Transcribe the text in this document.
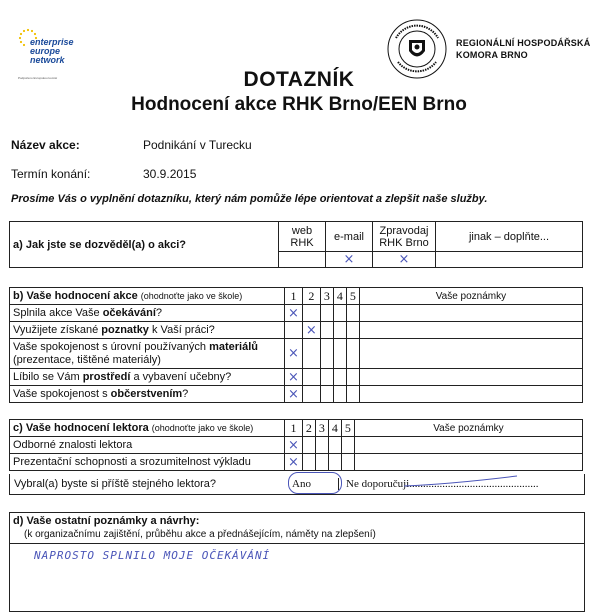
enterprise
europe
network
Podpořeno Evropskou komisí
REGIONÁLNÍ HOSPODÁŘSKÁ
KOMORA BRNO
DOTAZNÍK
Hodnocení akce RHK Brno/EEN Brno
Název akce:	Podnikání v Turecku
Termín konání:	30.9.2015
Prosíme Vás o vyplnění dotazníku, který nám pomůže lépe orientovat a zlepšit naše služby.
a) Jak jste se dozvěděl(a) o akci?	web RHK	e-mail	Zpravodaj RHK Brno	jinak – doplňte...
		×	×	
b) Vaše hodnocení akce (ohodnoťte jako ve škole)	1	2	3	4	5	Vaše poznámky
Splnila akce Vaše očekávání?	×					
Využijete získané poznatky k Vaší práci?		×				
Vaše spokojenost s úrovní používaných materiálů (prezentace, tištěné materiály)	×					
Líbilo se Vám prostředí a vybavení učebny?	×					
Vaše spokojenost s občerstvením?	×					
c) Vaše hodnocení lektora (ohodnoťte jako ve škole)	1	2	3	4	5	Vaše poznámky
Odborné znalosti lektora	×					
Prezentační schopnosti a srozumitelnost výkladu	×					
Vybral(a) byste si příště stejného lektora?	Ano	Ne doporučuji...............................................
d) Vaše ostatní poznámky a návrhy:
(k organizačnímu zajištění, průběhu akce a přednášejícím, náměty na zlepšení)
NAPROSTO SPLNILO MOJE OČEKÁVÁNÍ
